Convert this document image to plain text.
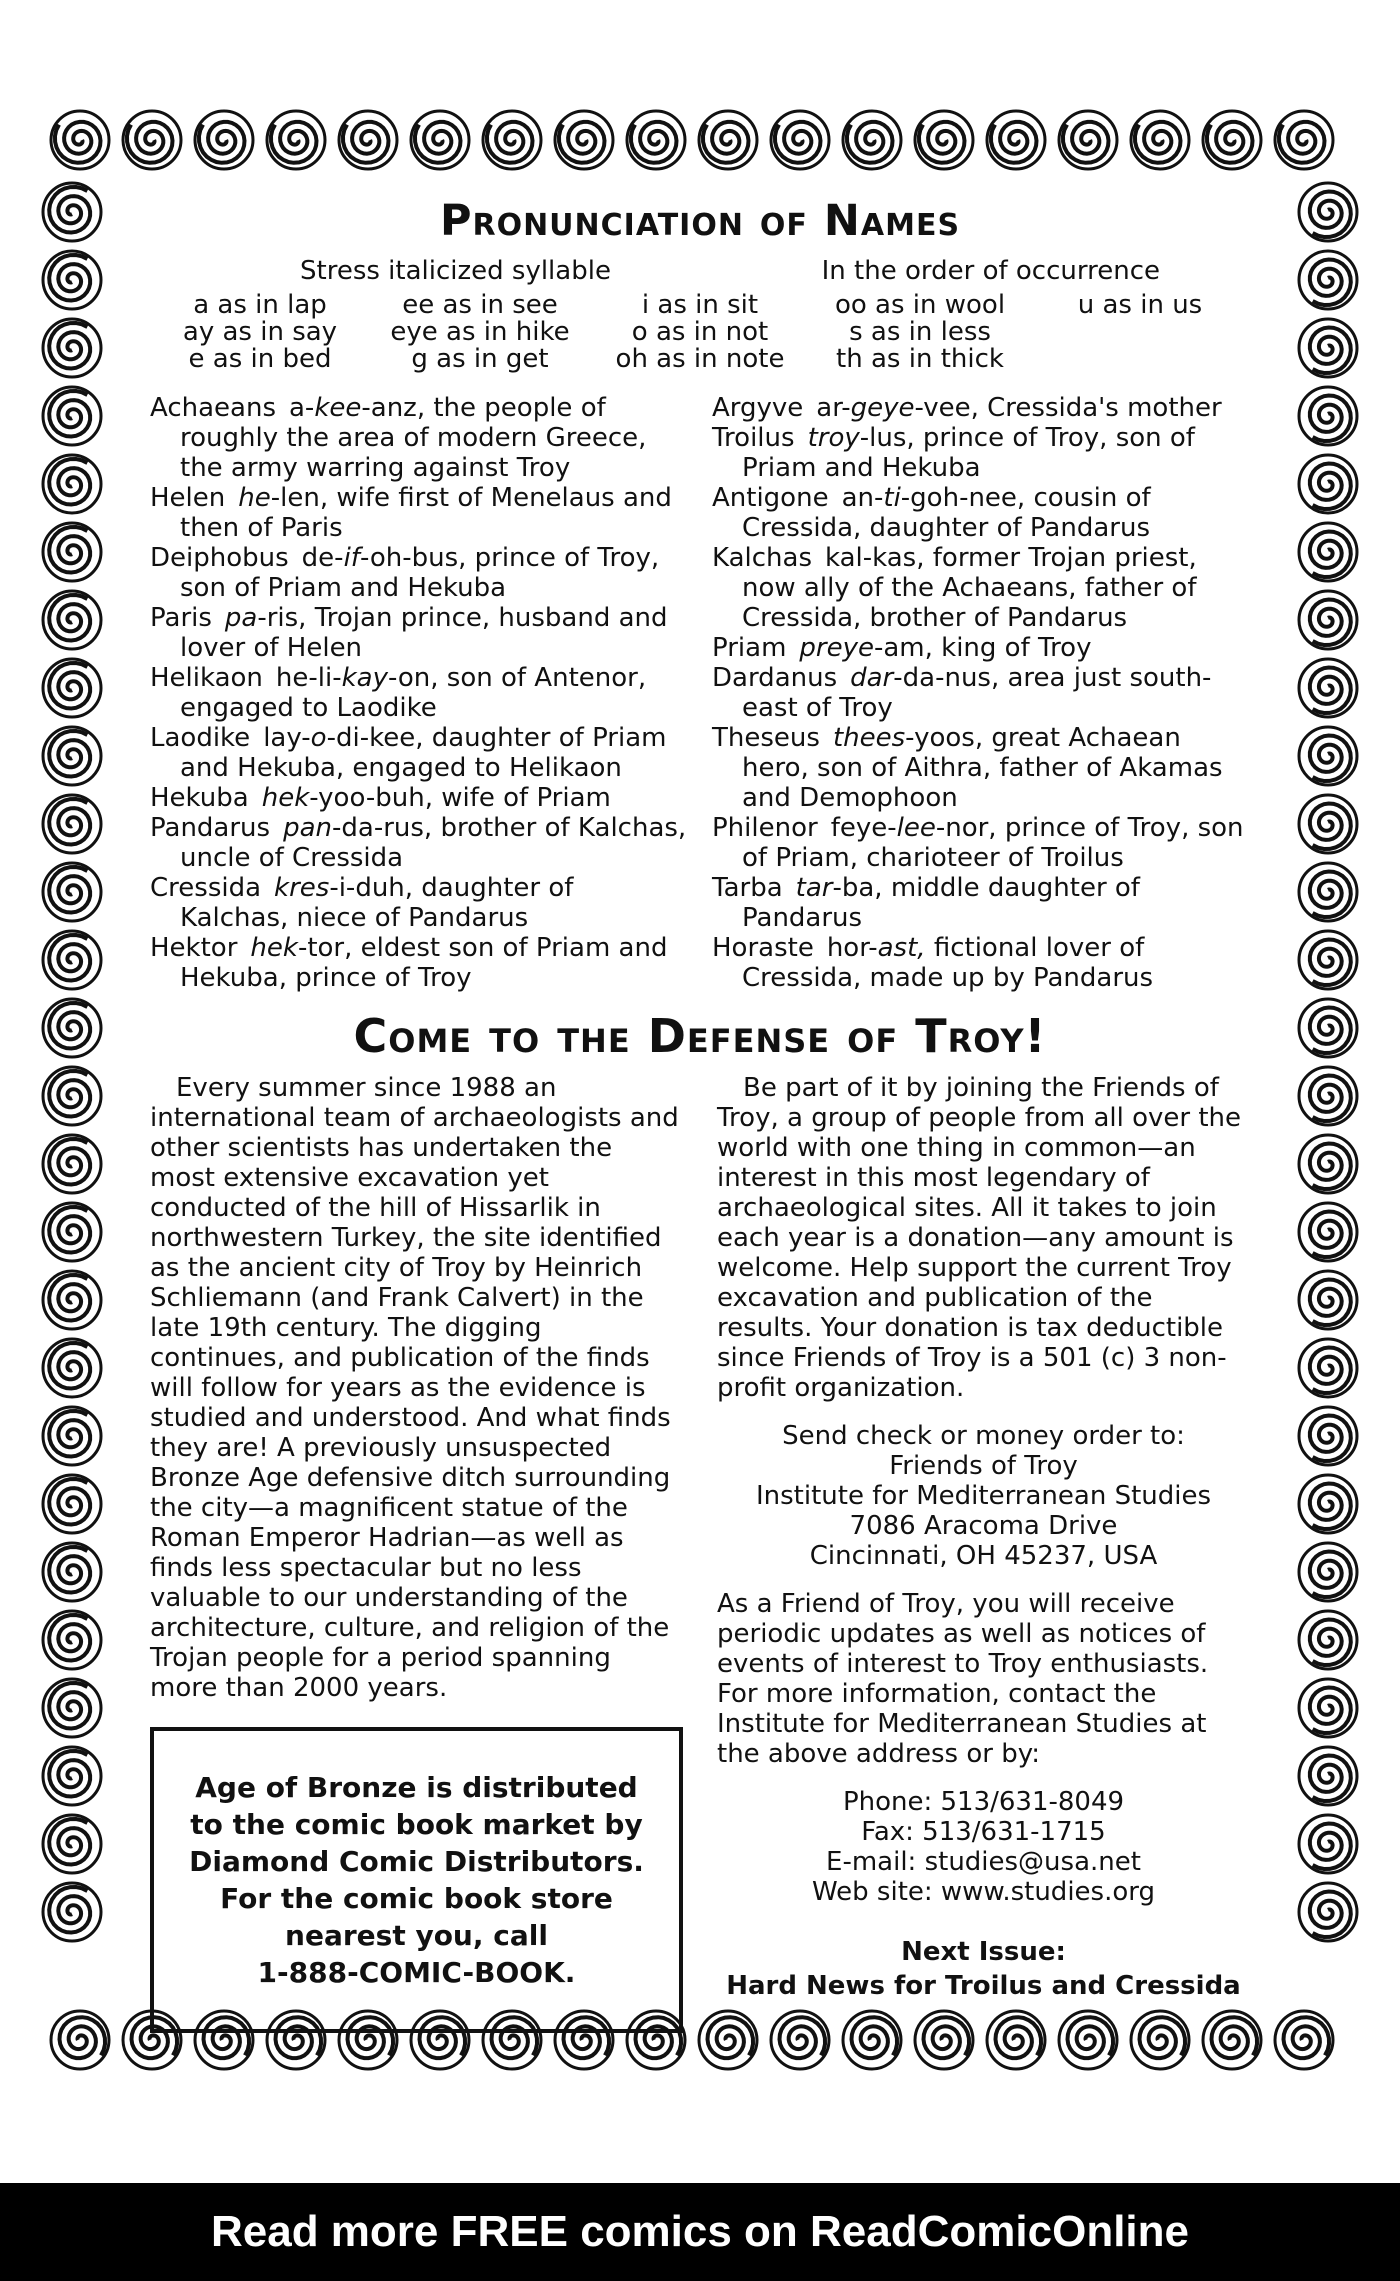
Pronunciation of Names
Stress italicized syllable	In the order of occurrence
a as in lap
ay as in say
e as in bed
ee as in see
eye as in hike
g as in get
i as in sit
o as in not
oh as in note
oo as in wool
s as in less
th as in thick
u as in us
Achaeans a-kee-anz, the people of roughly the area of modern Greece, the army warring against Troy
Helen he-len, wife first of Menelaus and then of Paris
Deiphobus de-if-oh-bus, prince of Troy, son of Priam and Hekuba
Paris pa-ris, Trojan prince, husband and lover of Helen
Helikaon he-li-kay-on, son of Antenor, engaged to Laodike
Laodike lay-o-di-kee, daughter of Priam and Hekuba, engaged to Helikaon
Hekuba hek-yoo-buh, wife of Priam
Pandarus pan-da-rus, brother of Kalchas, uncle of Cressida
Cressida kres-i-duh, daughter of Kalchas, niece of Pandarus
Hektor hek-tor, eldest son of Priam and Hekuba, prince of Troy
Argyve ar-geye-vee, Cressida's mother
Troilus troy-lus, prince of Troy, son of Priam and Hekuba
Antigone an-ti-goh-nee, cousin of Cressida, daughter of Pandarus
Kalchas kal-kas, former Trojan priest, now ally of the Achaeans, father of Cressida, brother of Pandarus
Priam preye-am, king of Troy
Dardanus dar-da-nus, area just south-east of Troy
Theseus thees-yoos, great Achaean hero, son of Aithra, father of Akamas and Demophoon
Philenor feye-lee-nor, prince of Troy, son of Priam, charioteer of Troilus
Tarba tar-ba, middle daughter of Pandarus
Horaste hor-ast, fictional lover of Cressida, made up by Pandarus
Come to the Defense of Troy!

Every summer since 1988 an international team of archaeologists and other scientists has undertaken the most extensive excavation yet conducted of the hill of Hissarlik in northwestern Turkey, the site identified as the ancient city of Troy by Heinrich Schliemann (and Frank Calvert) in the late 19th century. The digging continues, and publication of the finds will follow for years as the evidence is studied and understood. And what finds they are! A previously unsuspected Bronze Age defensive ditch surrounding the city—a magnificent statue of the Roman Emperor Hadrian—as well as finds less spectacular but no less valuable to our understanding of the architecture, culture, and religion of the Trojan people for a period spanning more than 2000 years.

Age of Bronze is distributed
to the comic book market by
Diamond Comic Distributors.
For the comic book store
nearest you, call
1-888-COMIC-BOOK.

Be part of it by joining the Friends of Troy, a group of people from all over the world with one thing in common—an interest in this most legendary of archaeological sites. All it takes to join each year is a donation—any amount is welcome. Help support the current Troy excavation and publication of the results. Your donation is tax deductible since Friends of Troy is a 501 (c) 3 non-profit organization.

Send check or money order to:
Friends of Troy
Institute for Mediterranean Studies
7086 Aracoma Drive
Cincinnati, OH 45237, USA

As a Friend of Troy, you will receive periodic updates as well as notices of events of interest to Troy enthusiasts. For more information, contact the Institute for Mediterranean Studies at the above address or by:

Phone: 513/631-8049
Fax: 513/631-1715
E-mail: studies@usa.net
Web site: www.studies.org
Next Issue:
Hard News for Troilus and Cressida
Read more FREE comics on ReadComicOnline
